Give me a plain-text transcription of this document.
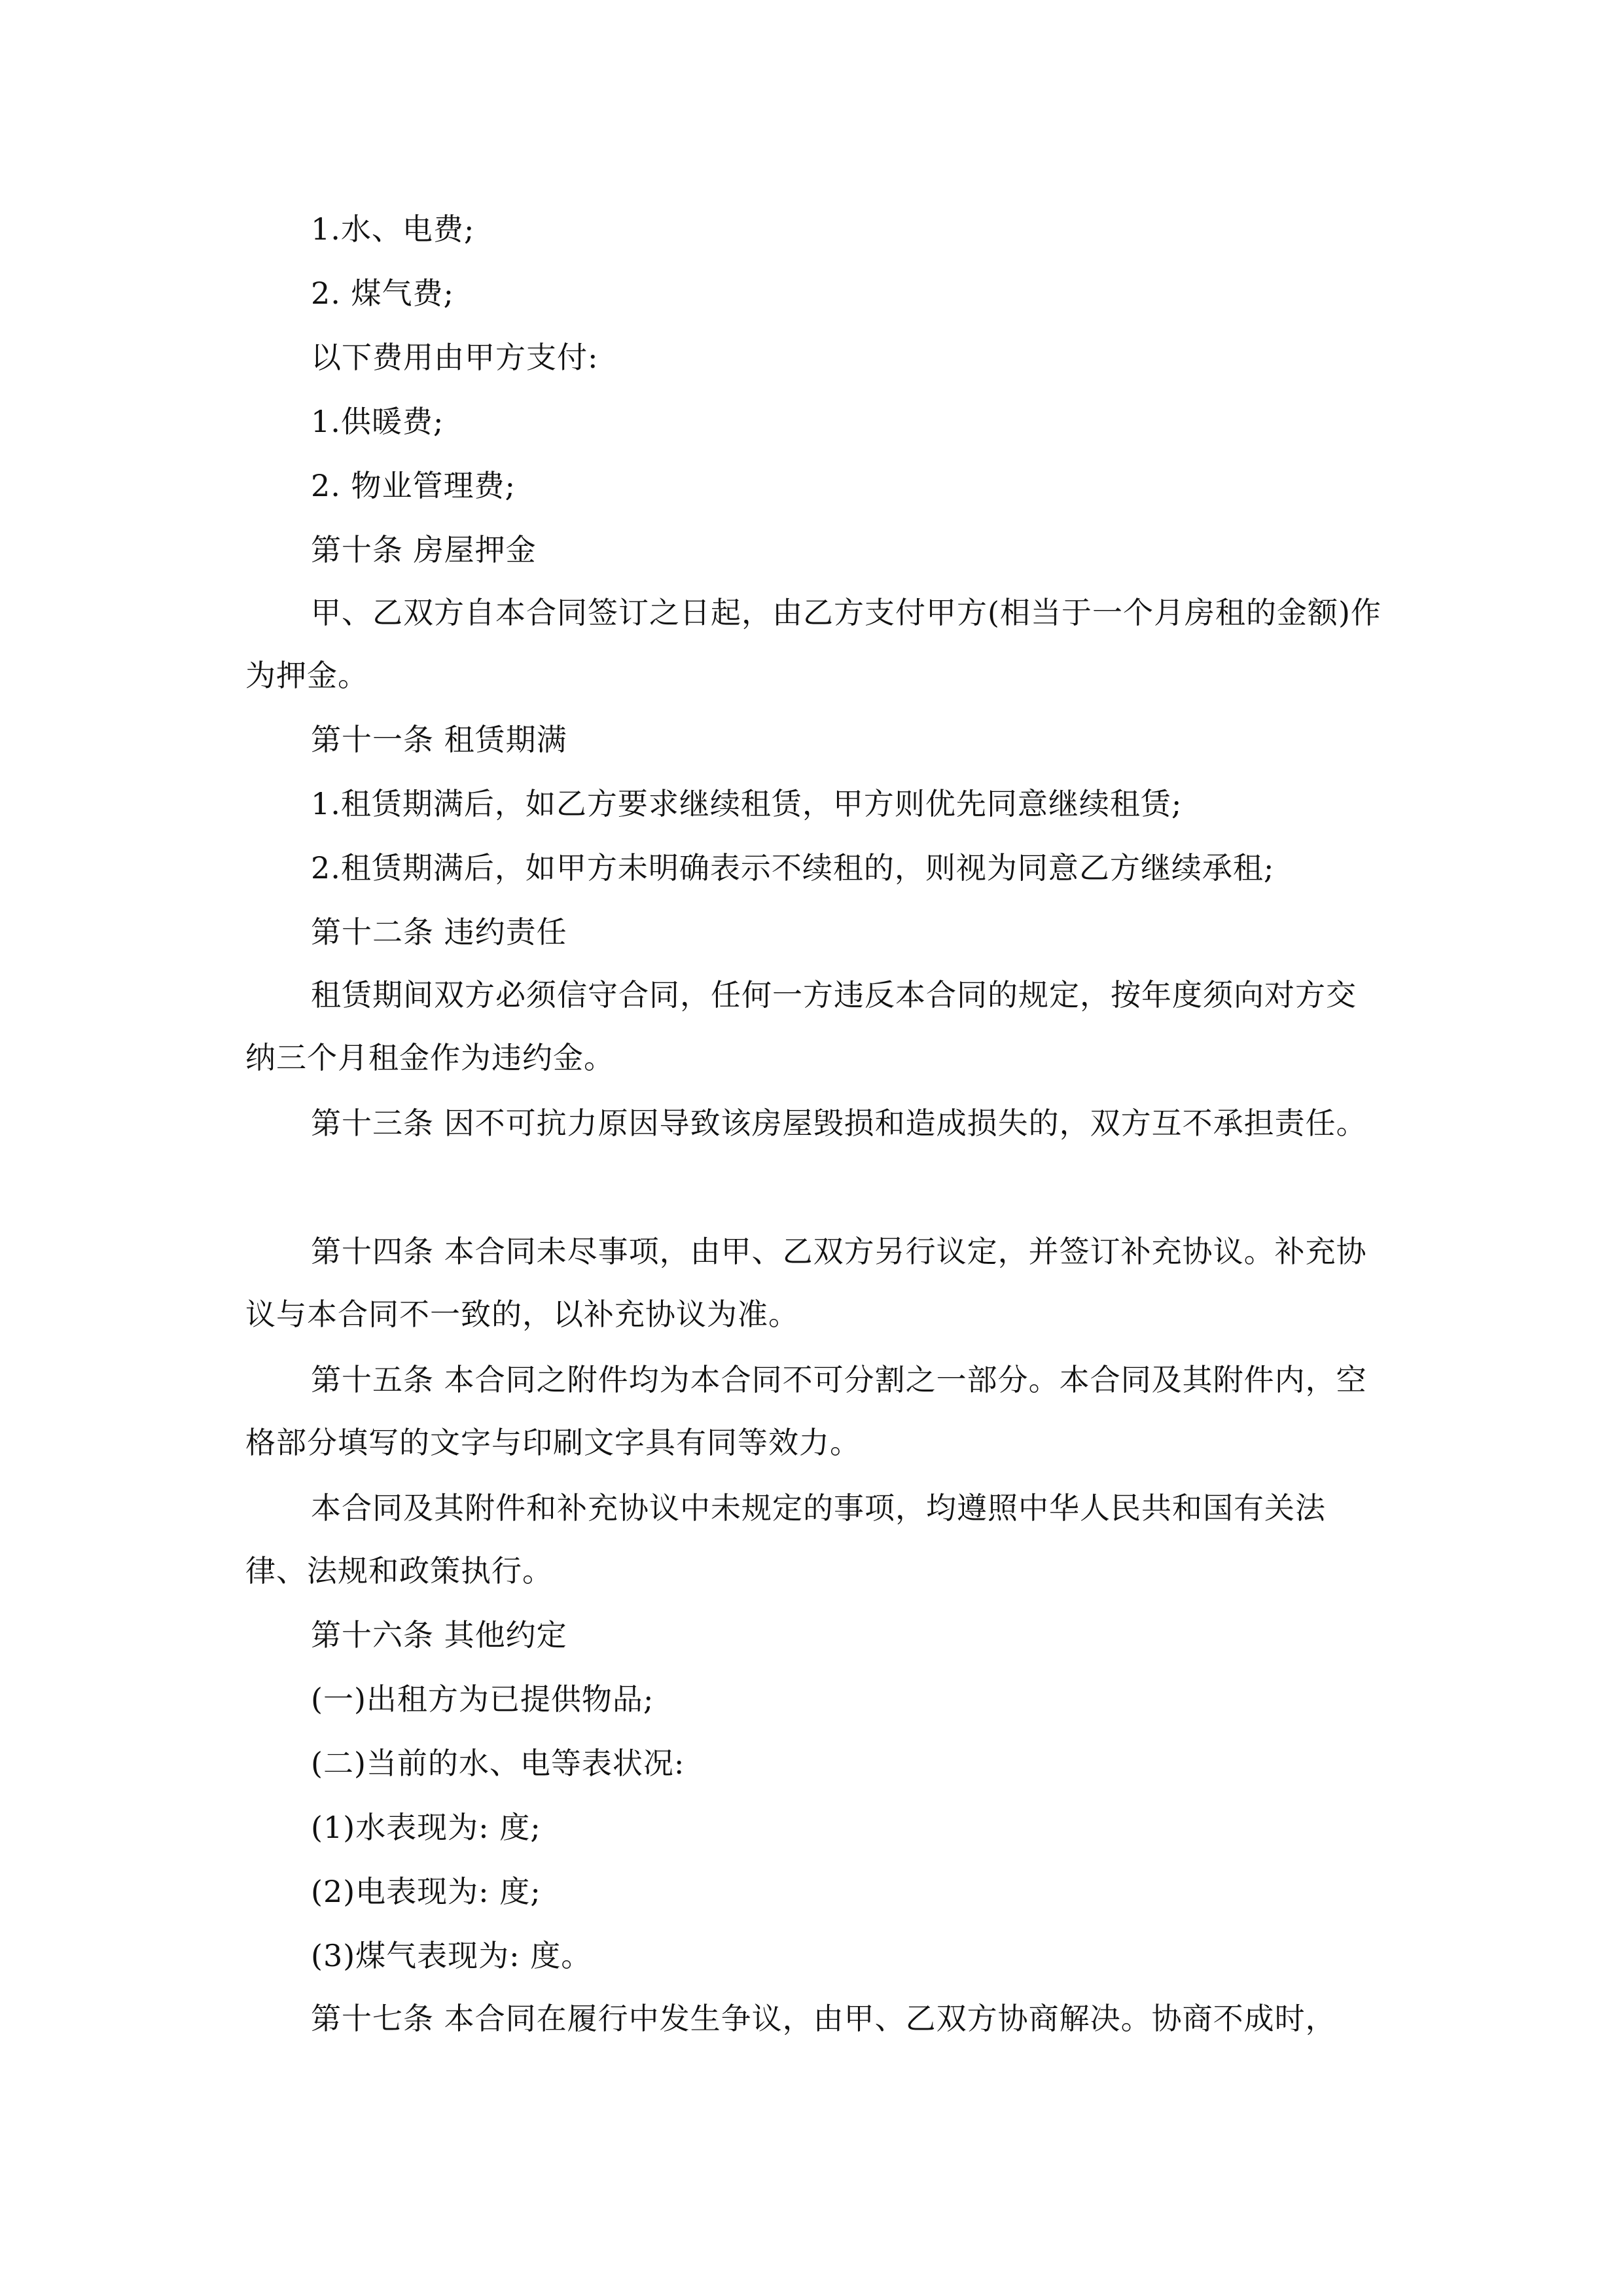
1.水、电费;

2. 煤气费;

以下费用由甲方支付:

1.供暖费;

2. 物业管理费;

第十条 房屋押金

甲、乙双方自本合同签订之日起，由乙方支付甲方(相当于一个月房租的金额)作为押金。

第十一条 租赁期满

1.租赁期满后，如乙方要求继续租赁，甲方则优先同意继续租赁;

2.租赁期满后，如甲方未明确表示不续租的，则视为同意乙方继续承租;

第十二条 违约责任

租赁期间双方必须信守合同，任何一方违反本合同的规定，按年度须向对方交纳三个月租金作为违约金。

第十三条 因不可抗力原因导致该房屋毁损和造成损失的，双方互不承担责任。

第十四条 本合同未尽事项，由甲、乙双方另行议定，并签订补充协议。补充协议与本合同不一致的，以补充协议为准。

第十五条 本合同之附件均为本合同不可分割之一部分。本合同及其附件内，空格部分填写的文字与印刷文字具有同等效力。

本合同及其附件和补充协议中未规定的事项，均遵照中华人民共和国有关法律、法规和政策执行。

第十六条 其他约定

(一)出租方为已提供物品;

(二)当前的水、电等表状况:

(1)水表现为: 度;

(2)电表现为: 度;

(3)煤气表现为: 度。

第十七条 本合同在履行中发生争议，由甲、乙双方协商解决。协商不成时，
